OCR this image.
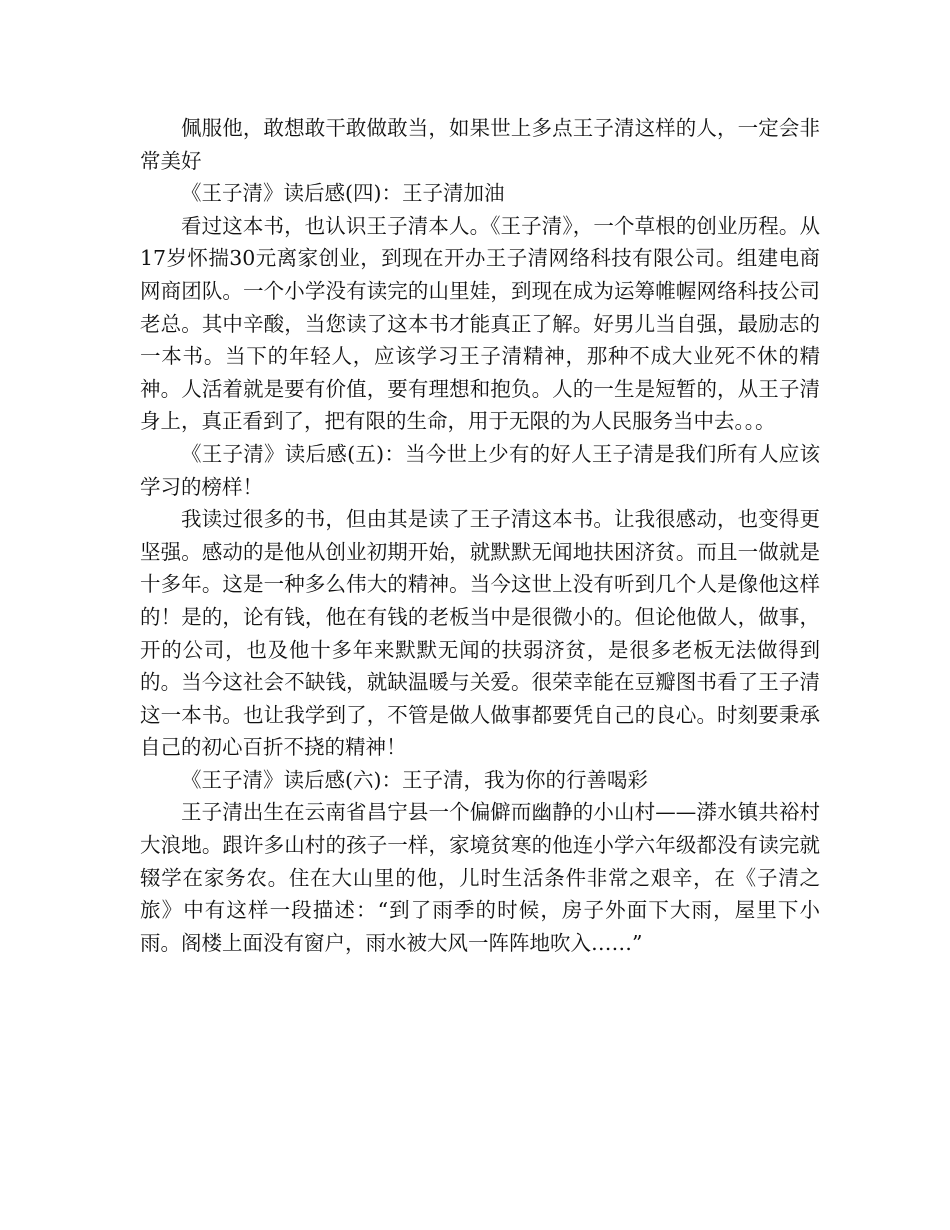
佩服他，敢想敢干敢做敢当，如果世上多点王子清这样的人，一定会非常美好

《王子清》读后感(四)：王子清加油

看过这本书，也认识王子清本人。《王子清》，一个草根的创业历程。从17岁怀揣30元离家创业，到现在开办王子清网络科技有限公司。组建电商网商团队。一个小学没有读完的山里娃，到现在成为运筹帷幄网络科技公司老总。其中辛酸，当您读了这本书才能真正了解。好男儿当自强，最励志的一本书。当下的年轻人，应该学习王子清精神，那种不成大业死不休的精神。人活着就是要有价值，要有理想和抱负。人的一生是短暂的，从王子清身上，真正看到了，把有限的生命，用于无限的为人民服务当中去。。。

《王子清》读后感(五)：当今世上少有的好人王子清是我们所有人应该学习的榜样！

我读过很多的书，但由其是读了王子清这本书。让我很感动，也变得更坚强。感动的是他从创业初期开始，就默默无闻地扶困济贫。而且一做就是十多年。这是一种多么伟大的精神。当今这世上没有听到几个人是像他这样的！是的，论有钱，他在有钱的老板当中是很微小的。但论他做人，做事，开的公司，也及他十多年来默默无闻的扶弱济贫，是很多老板无法做得到的。当今这社会不缺钱，就缺温暖与关爱。很荣幸能在豆瓣图书看了王子清这一本书。也让我学到了，不管是做人做事都要凭自己的良心。时刻要秉承自己的初心百折不挠的精神！

《王子清》读后感(六)：王子清，我为你的行善喝彩

王子清出生在云南省昌宁县一个偏僻而幽静的小山村——漭水镇共裕村大浪地。跟许多山村的孩子一样，家境贫寒的他连小学六年级都没有读完就辍学在家务农。住在大山里的他，儿时生活条件非常之艰辛，在《子清之旅》中有这样一段描述：“到了雨季的时候，房子外面下大雨，屋里下小雨。阁楼上面没有窗户，雨水被大风一阵阵地吹入……”
